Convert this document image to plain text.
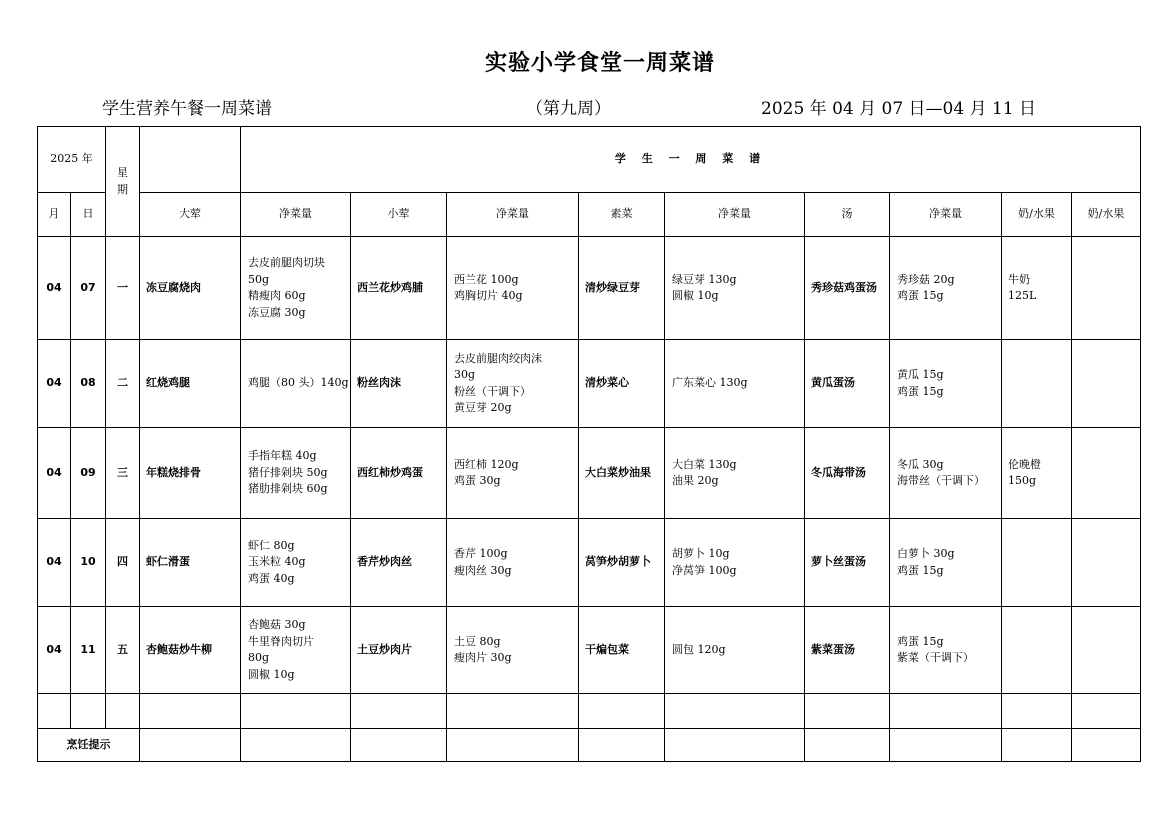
实验小学食堂一周菜谱
学生营养午餐一周菜谱	（第九周）	2025 年 04 月 07 日—04 月 11 日
2025 年		星期		学 生 一 周 菜 谱								
月	日		大荤	净菜量	小荤	净菜量	素菜	净菜量	汤	净菜量	奶/水果	奶/水果
04	07	一	冻豆腐烧肉	去皮前腿肉切块
50g
精瘦肉 60g
冻豆腐 30g	西兰花炒鸡脯	西兰花 100g
鸡胸切片 40g	清炒绿豆芽	绿豆芽 130g
圆椒 10g	秀珍菇鸡蛋汤	秀珍菇 20g
鸡蛋 15g	牛奶
125L	

04	08	二	红烧鸡腿	鸡腿（80 头）140g	粉丝肉沫	去皮前腿肉绞肉沫
30g
粉丝（干调下）
黄豆芽 20g	清炒菜心	广东菜心 130g	黄瓜蛋汤	黄瓜 15g
鸡蛋 15g		

04	09	三	年糕烧排骨	手指年糕 40g
猪仔排剁块 50g
猪肋排剁块 60g	西红柿炒鸡蛋	西红柿 120g
鸡蛋 30g	大白菜炒油果	大白菜 130g
油果 20g	冬瓜海带汤	冬瓜 30g
海带丝（干调下）	伦晚橙
150g	

04	10	四	虾仁滑蛋	虾仁 80g
玉米粒 40g
鸡蛋 40g	香芹炒肉丝	香芹 100g
瘦肉丝 30g	莴笋炒胡萝卜	胡萝卜 10g
净莴笋 100g	萝卜丝蛋汤	白萝卜 30g
鸡蛋 15g		

04	11	五	杏鲍菇炒牛柳	杏鲍菇 30g
牛里脊肉切片
80g
圆椒 10g	土豆炒肉片	土豆 80g
瘦肉片 30g	干煸包菜	圆包 120g	紫菜蛋汤	鸡蛋 15g
紫菜（干调下）		

烹饪提示												
